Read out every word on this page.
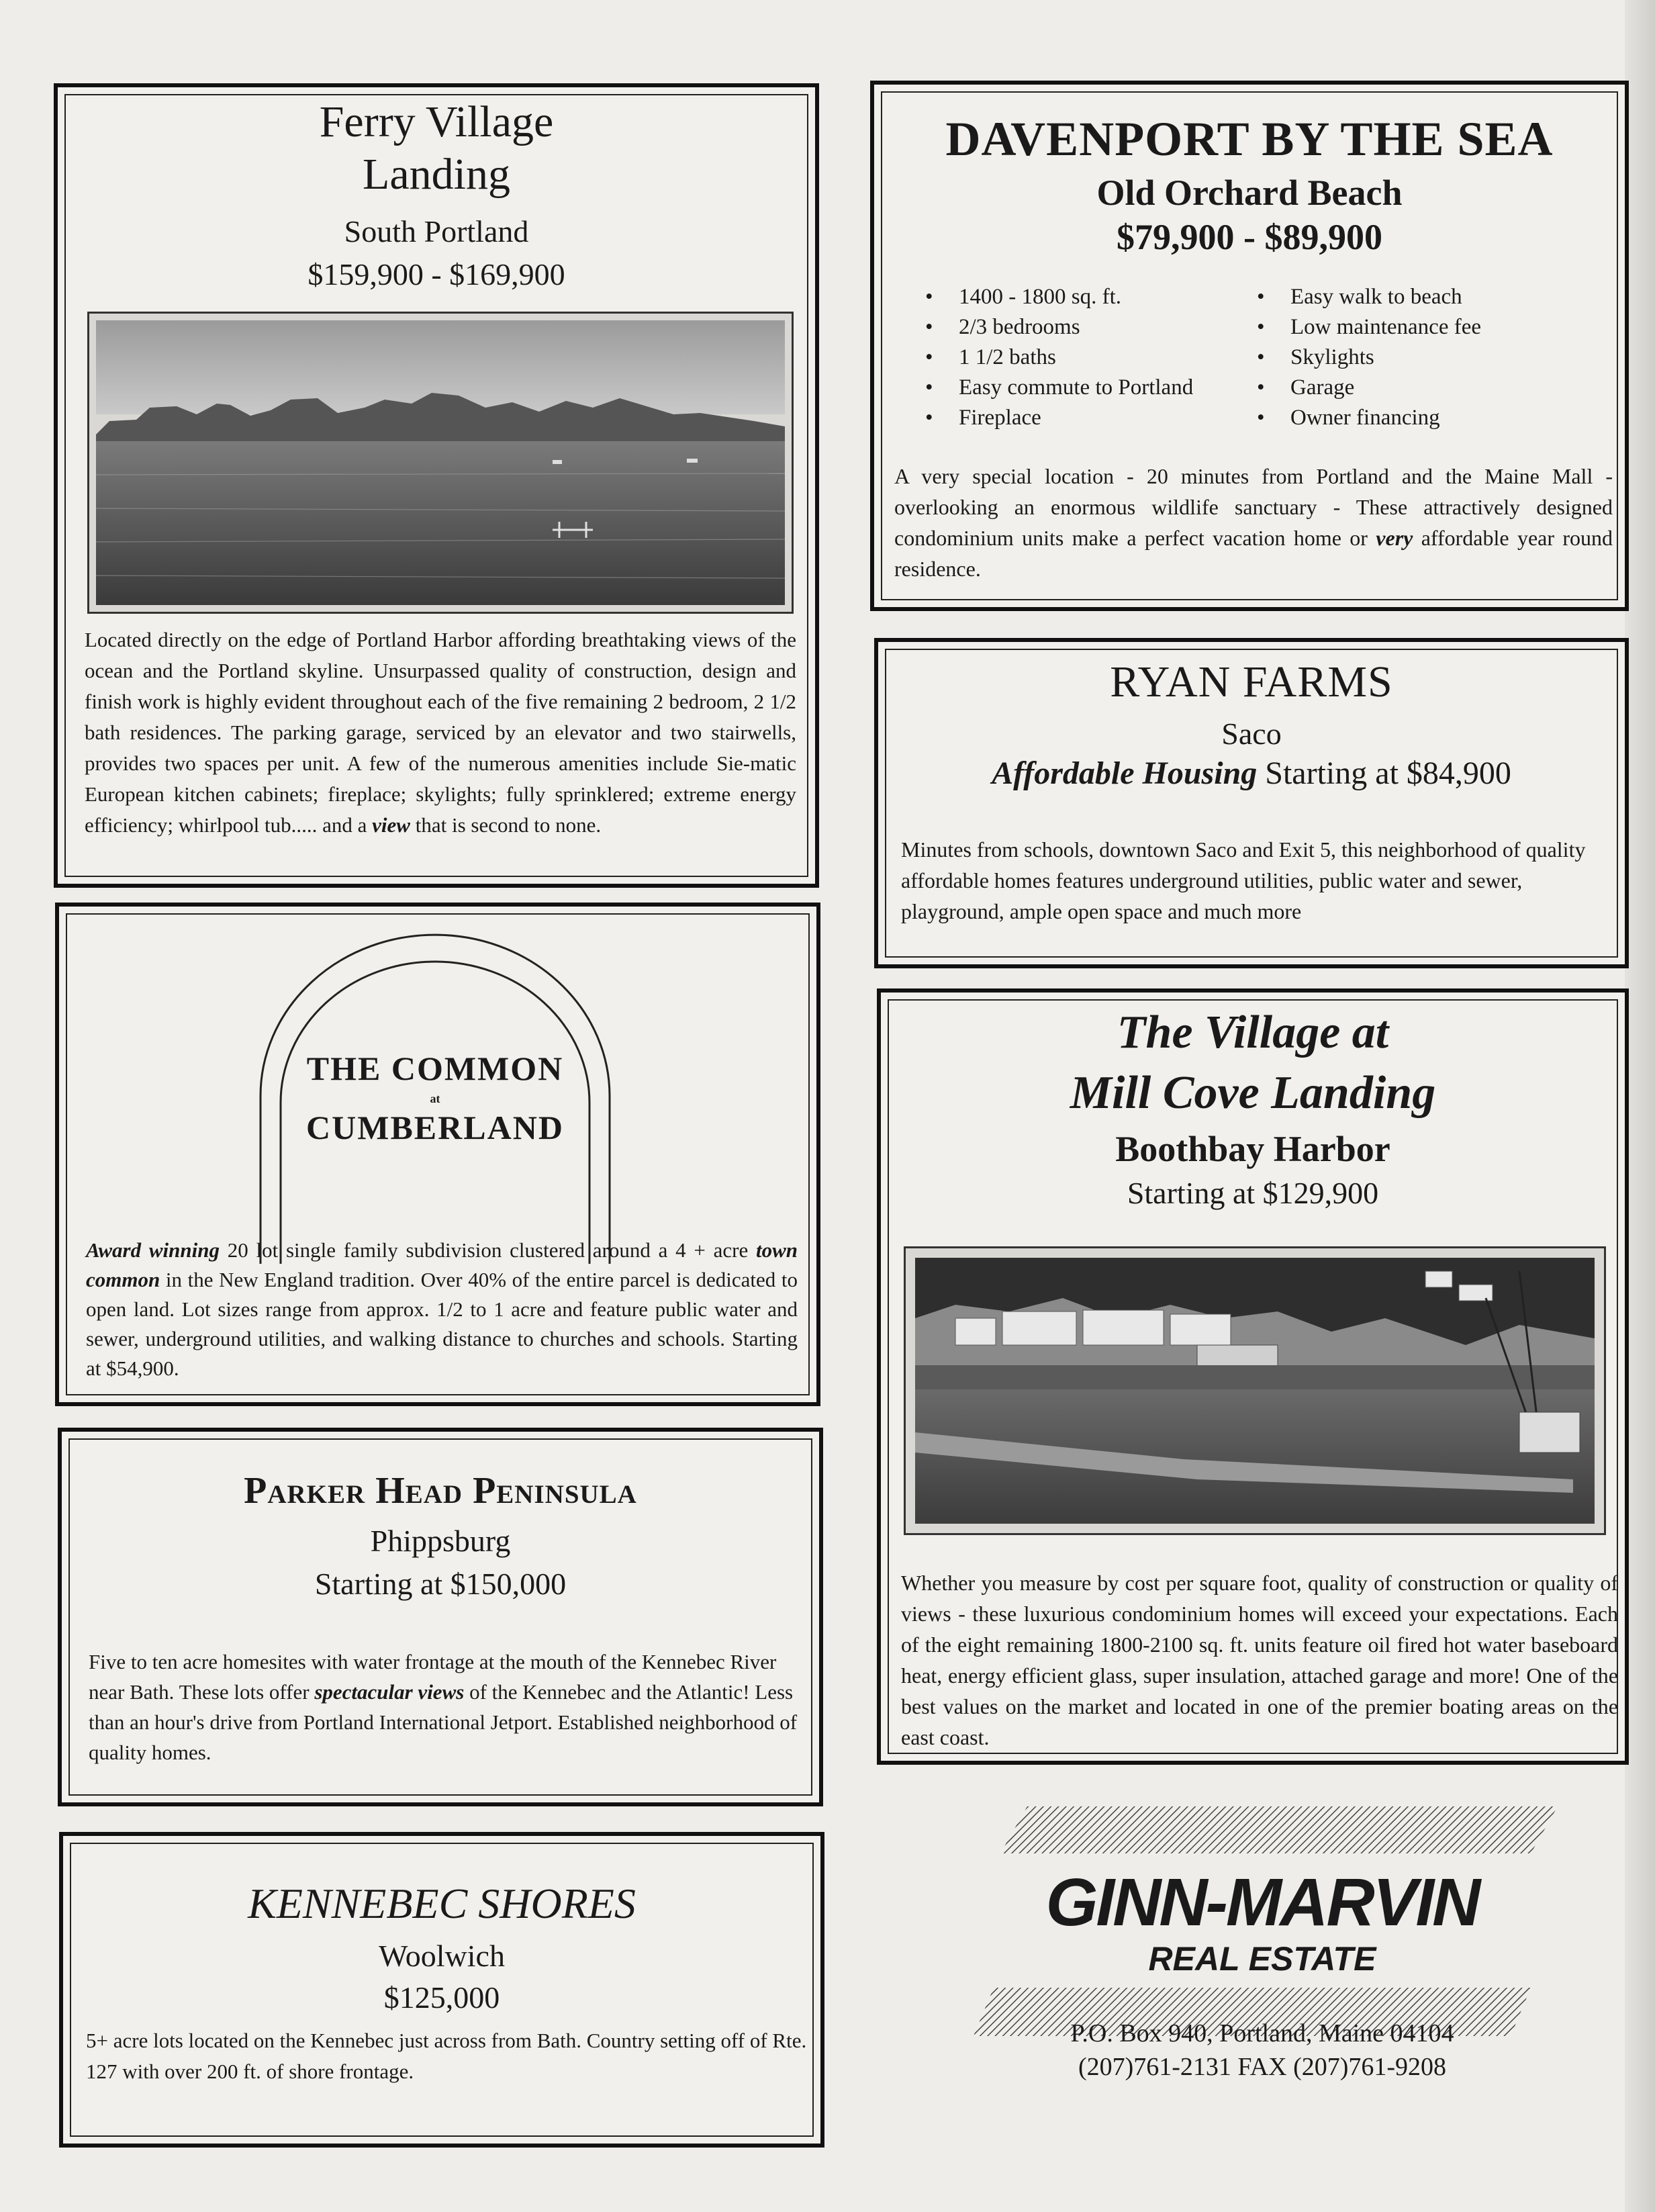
Ferry Village
Landing
South Portland
$159,900 - $169,900
Located directly on the edge of Portland Harbor affording breathtaking views of the ocean and the Portland skyline. Unsurpassed quality of construction, design and finish work is highly evident throughout each of the five remaining 2 bedroom, 2 1/2 bath residences. The parking garage, serviced by an elevator and two stairwells, provides two spaces per unit. A few of the numerous amenities include Sie-matic European kitchen cabinets; fireplace; skylights; fully sprinklered; extreme energy efficiency; whirlpool tub..... and a view that is second to none.
THE COMMON
at
CUMBERLAND
Award winning 20 lot single family subdivision clustered around a 4 + acre town common in the New England tradition. Over 40% of the entire parcel is dedicated to open land. Lot sizes range from approx. 1/2 to 1 acre and feature public water and sewer, underground utilities, and walking distance to churches and schools. Starting at $54,900.
Parker Head Peninsula
Phippsburg
Starting at $150,000
Five to ten acre homesites with water frontage at the mouth of the Kennebec River near Bath. These lots offer spectacular views of the Kennebec and the Atlantic! Less than an hour's drive from Portland International Jetport. Established neighborhood of quality homes.
KENNEBEC SHORES
Woolwich
$125,000
5+ acre lots located on the Kennebec just across from Bath. Country setting off of Rte. 127 with over 200 ft. of shore frontage.
DAVENPORT BY THE SEA
Old Orchard Beach
$79,900 - $89,900
• 1400 - 1800 sq. ft.
• 2/3 bedrooms
• 1 1/2 baths
• Easy commute to Portland
• Fireplace
• Easy walk to beach
• Low maintenance fee
• Skylights
• Garage
• Owner financing
A very special location - 20 minutes from Portland and the Maine Mall - overlooking an enormous wildlife sanctuary - These attractively designed condominium units make a perfect vacation home or very affordable year round residence.
RYAN FARMS
Saco
Affordable Housing Starting at $84,900
Minutes from schools, downtown Saco and Exit 5, this neighborhood of quality affordable homes features underground utilities, public water and sewer, playground, ample open space and much more
The Village at
Mill Cove Landing
Boothbay Harbor
Starting at $129,900
Whether you measure by cost per square foot, quality of construction or quality of views - these luxurious condominium homes will exceed your expectations. Each of the eight remaining 1800-2100 sq. ft. units feature oil fired hot water baseboard heat, energy efficient glass, super insulation, attached garage and more! One of the best values on the market and located in one of the premier boating areas on the east coast.
GINN-MARVIN
REAL ESTATE
P.O. Box 940, Portland, Maine 04104
(207)761-2131 FAX (207)761-9208
